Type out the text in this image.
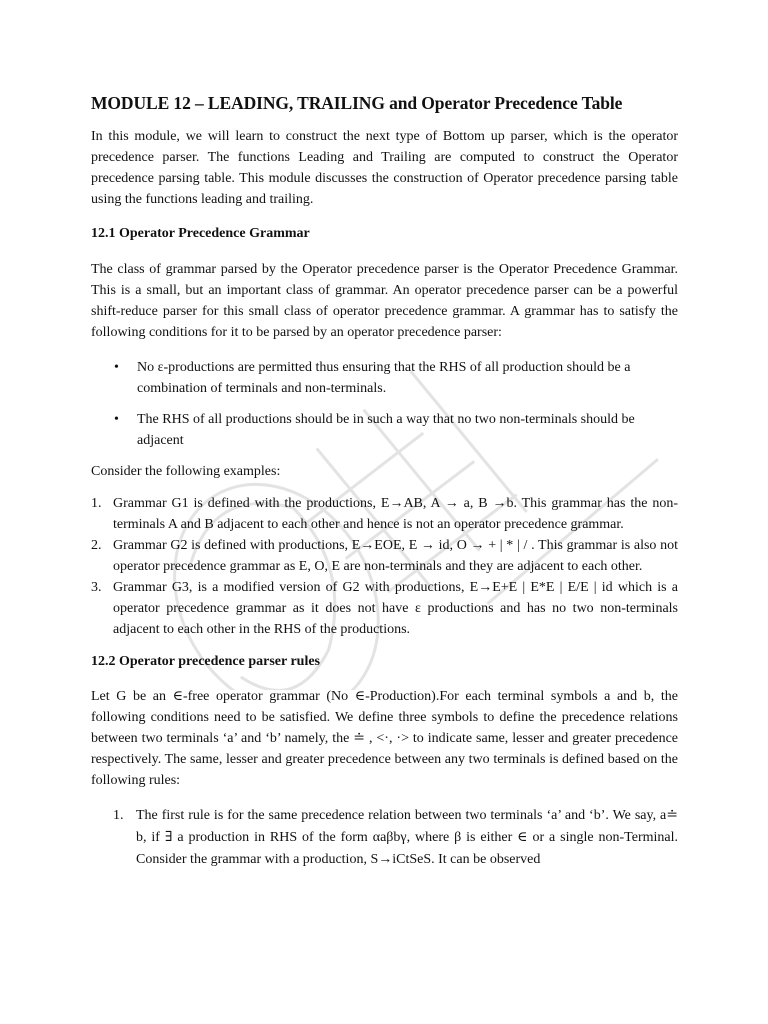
MODULE 12 – LEADING, TRAILING and Operator Precedence Table

In this module, we will learn to construct the next type of Bottom up parser, which is the operator precedence parser. The functions Leading and Trailing are computed to construct the Operator precedence parsing table. This module discusses the construction of Operator precedence parsing table using the functions leading and trailing.

12.1 Operator Precedence Grammar

The class of grammar parsed by the Operator precedence parser is the Operator Precedence Grammar. This is a small, but an important class of grammar. An operator precedence parser can be a powerful shift-reduce parser for this small class of operator precedence grammar. A grammar has to satisfy the following conditions for it to be parsed by an operator precedence parser:

• No ε-productions are permitted thus ensuring that the RHS of all production should be a combination of terminals and non-terminals.
• The RHS of all productions should be in such a way that no two non-terminals should be adjacent

Consider the following examples:

1. Grammar G1 is defined with the productions, E→AB, A → a, B →b. This grammar has the non-terminals A and B adjacent to each other and hence is not an operator precedence grammar.
2. Grammar G2 is defined with productions, E→EOE, E → id, O → + | * | / . This grammar is also not operator precedence grammar as E, O, E are non-terminals and they are adjacent to each other.
3. Grammar G3, is a modified version of G2 with productions, E→E+E | E*E | E/E | id which is a operator precedence grammar as it does not have ε productions and has no two non-terminals adjacent to each other in the RHS of the productions.
12.2 Operator precedence parser rules

Let G be an ∈-free operator grammar (No ∈-Production).For each terminal symbols a and b, the following conditions need to be satisfied. We define three symbols to define the precedence relations between two terminals ‘a’ and ‘b’ namely, the ≐ , <·, ·> to indicate same, lesser and greater precedence respectively. The same, lesser and greater precedence between any two terminals is defined based on the following rules:

1. The first rule is for the same precedence relation between two terminals ‘a’ and ‘b’. We say, a≐ b, if ∃ a production in RHS of the form αaβbγ, where β is either ∈ or a single non-Terminal. Consider the grammar with a production, S→iCtSeS. It can be observed
